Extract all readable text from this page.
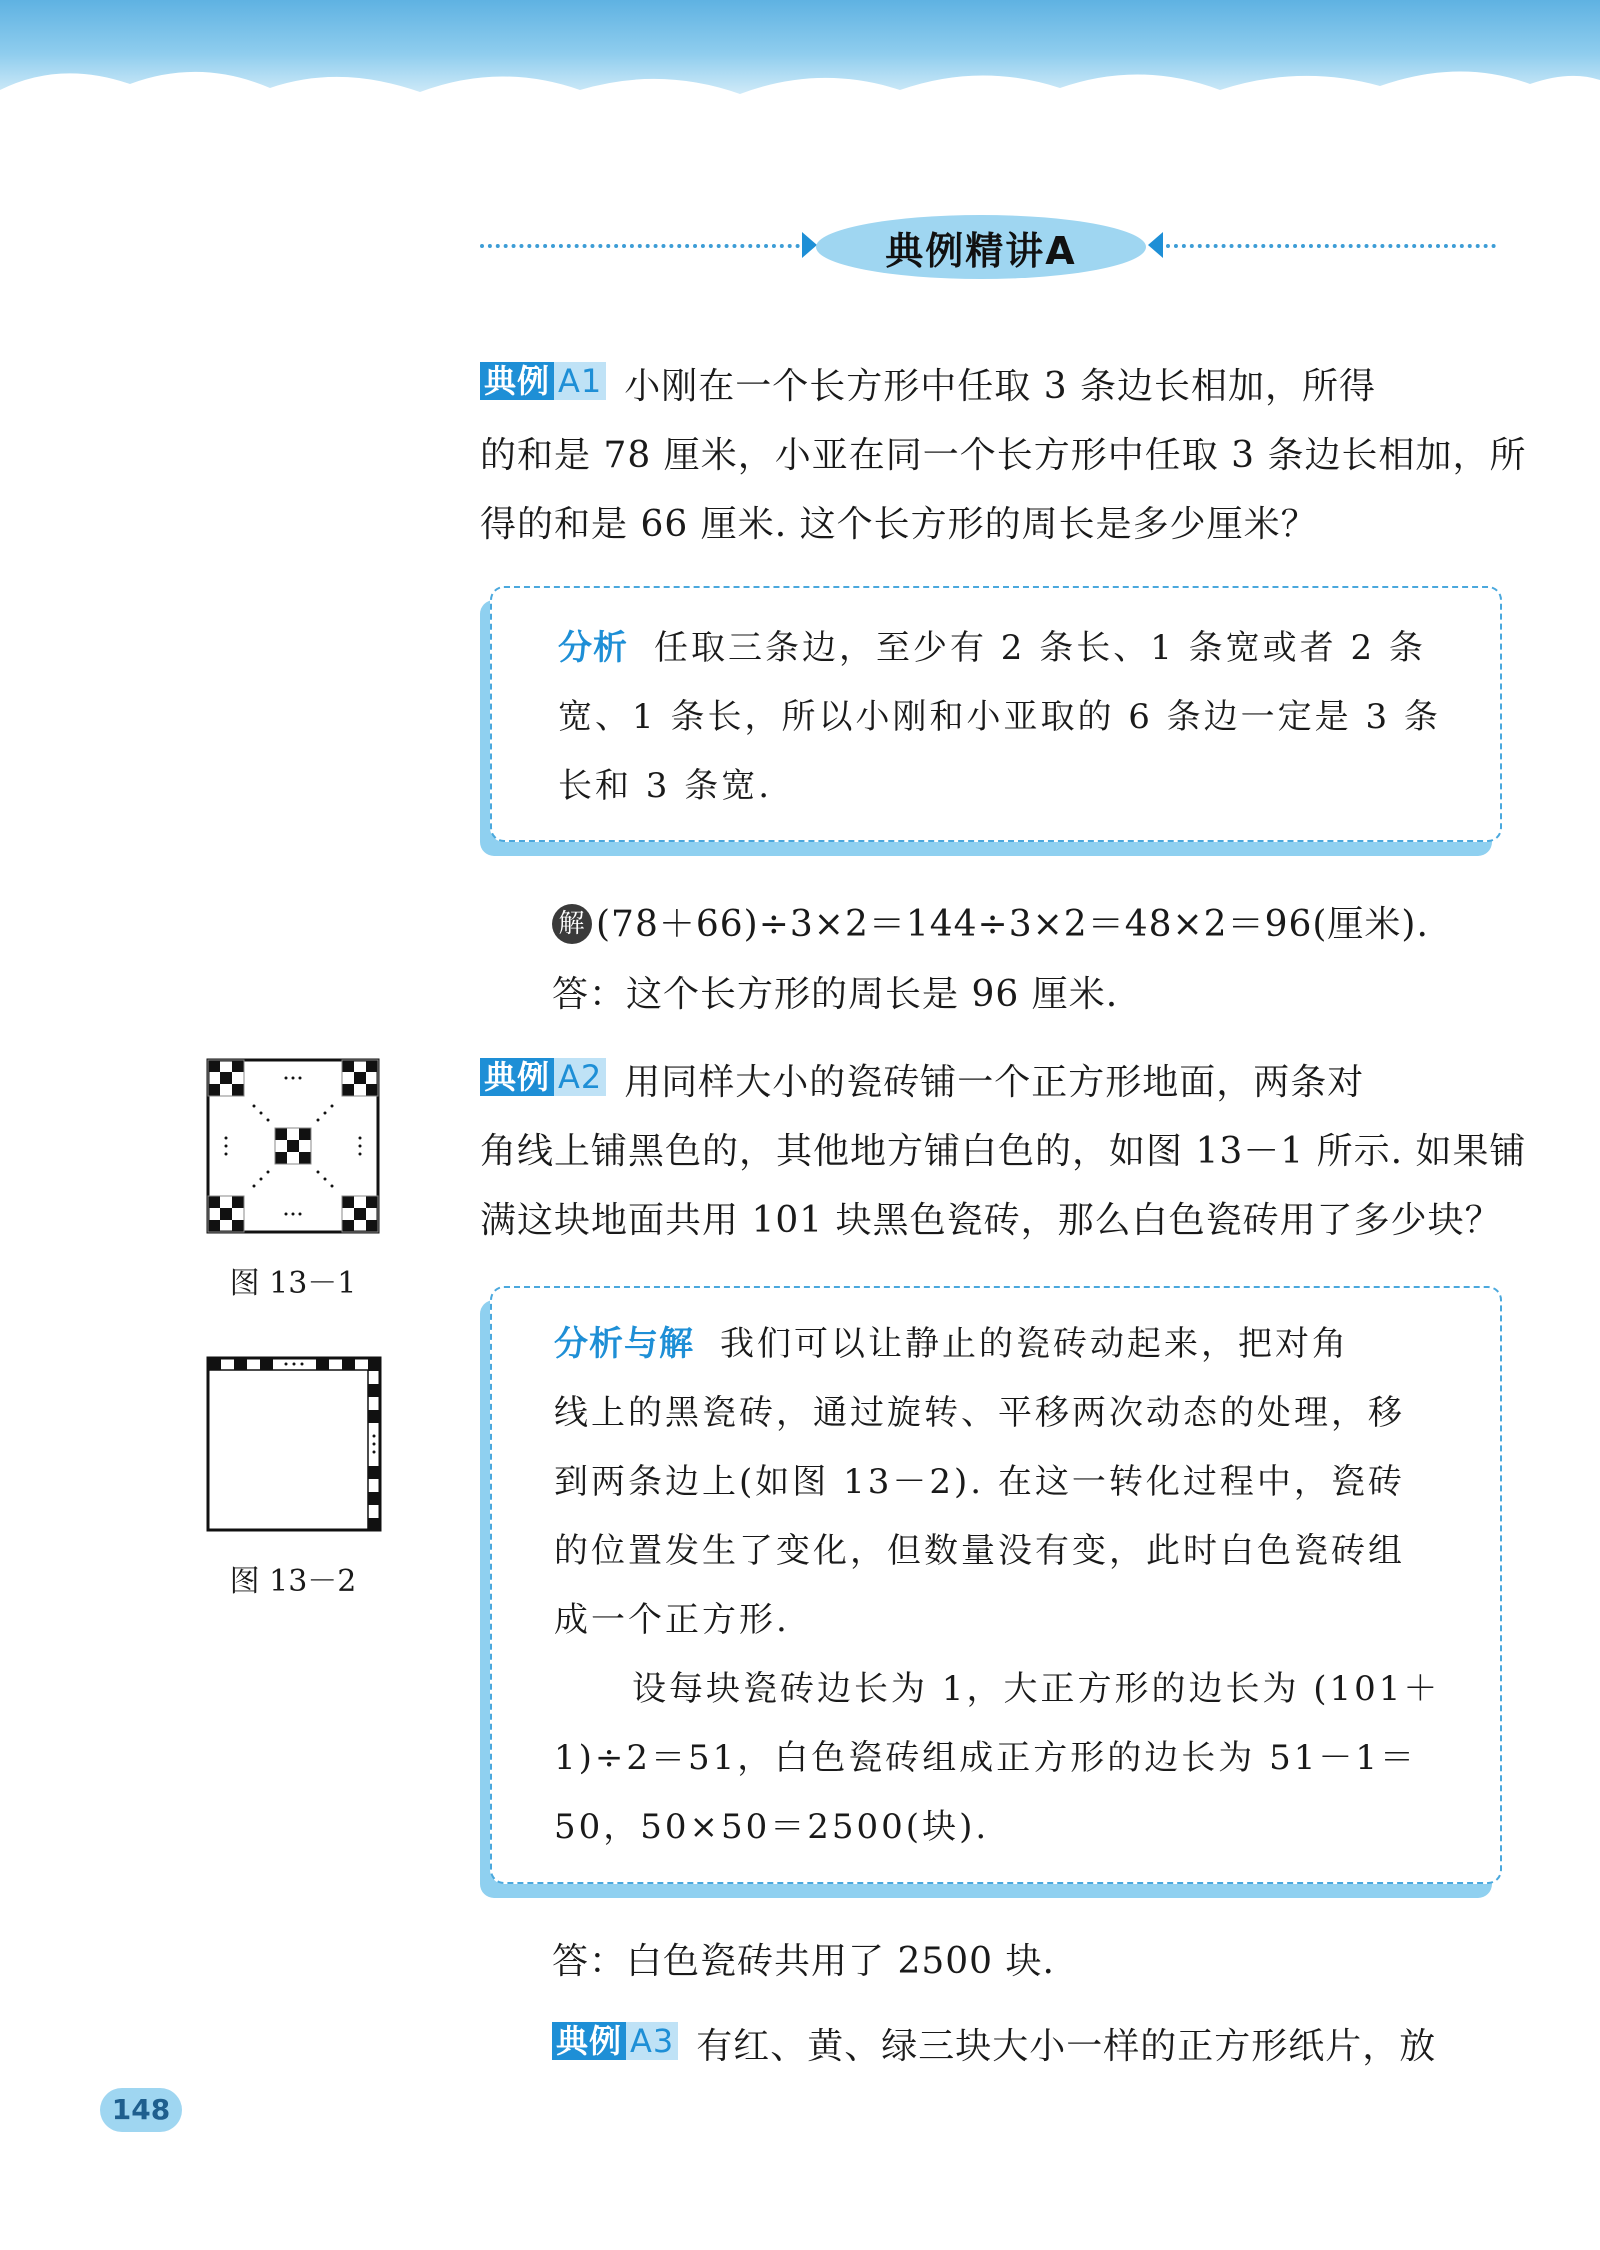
典例精讲A
典例 A1 小刚在一个长方形中任取 3 条边长相加，所得
的和是 78 厘米，小亚在同一个长方形中任取 3 条边长相加，所
得的和是 66 厘米. 这个长方形的周长是多少厘米？
分析 任取三条边，至少有 2 条长、1 条宽或者 2 条
宽、1 条长，所以小刚和小亚取的 6 条边一定是 3 条
长和 3 条宽.
解 (78＋66)÷3×2＝144÷3×2＝48×2＝96(厘米).
答：这个长方形的周长是 96 厘米.
图 13－1
图 13－2
典例 A2 用同样大小的瓷砖铺一个正方形地面，两条对
角线上铺黑色的，其他地方铺白色的，如图 13－1 所示. 如果铺
满这块地面共用 101 块黑色瓷砖，那么白色瓷砖用了多少块？
分析与解 我们可以让静止的瓷砖动起来，把对角
线上的黑瓷砖，通过旋转、平移两次动态的处理，移
到两条边上(如图 13－2). 在这一转化过程中，瓷砖
的位置发生了变化，但数量没有变，此时白色瓷砖组
成一个正方形.
设每块瓷砖边长为 1，大正方形的边长为 (101＋
1)÷2＝51，白色瓷砖组成正方形的边长为 51－1＝
50，50×50＝2500(块).
答：白色瓷砖共用了 2500 块.
典例 A3 有红、黄、绿三块大小一样的正方形纸片，放
148
